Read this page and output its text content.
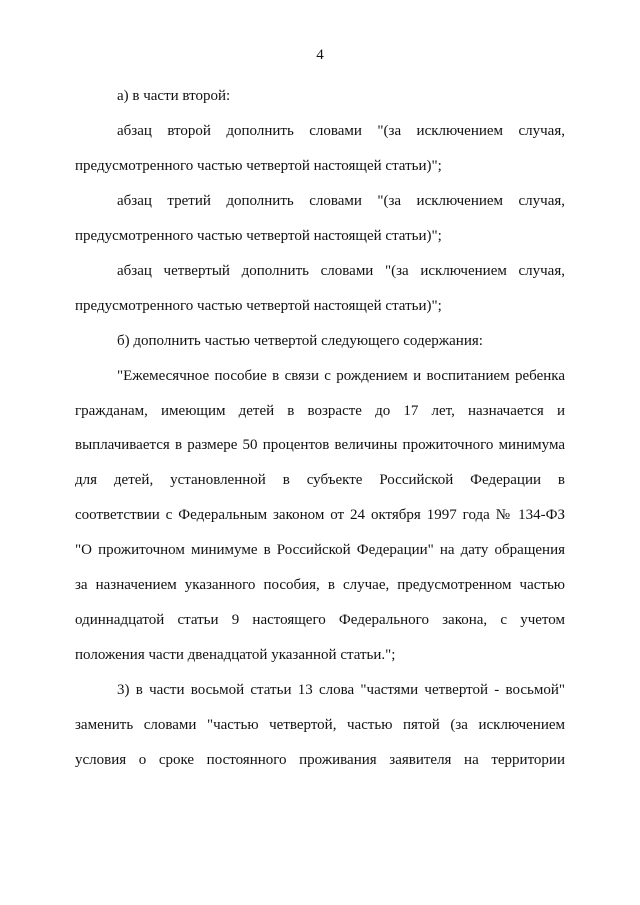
4
а) в части второй:
абзац второй дополнить словами "(за исключением случая,
предусмотренного частью четвертой настоящей статьи)";
абзац третий дополнить словами "(за исключением случая,
предусмотренного частью четвертой настоящей статьи)";
абзац четвертый дополнить словами "(за исключением случая,
предусмотренного частью четвертой настоящей статьи)";
б) дополнить частью четвертой следующего содержания:
"Ежемесячное пособие в связи с рождением и воспитанием ребенка
гражданам, имеющим детей в возрасте до 17 лет, назначается и
выплачивается в размере 50 процентов величины прожиточного минимума
для детей, установленной в субъекте Российской Федерации в
соответствии с Федеральным законом от 24 октября 1997 года № 134-ФЗ
"О прожиточном минимуме в Российской Федерации" на дату обращения
за назначением указанного пособия, в случае, предусмотренном частью
одиннадцатой статьи 9 настоящего Федерального закона, с учетом
положения части двенадцатой указанной статьи.";
3) в части восьмой статьи 13 слова "частями четвертой - восьмой"
заменить словами "частью четвертой, частью пятой (за исключением
условия о сроке постоянного проживания заявителя на территории
